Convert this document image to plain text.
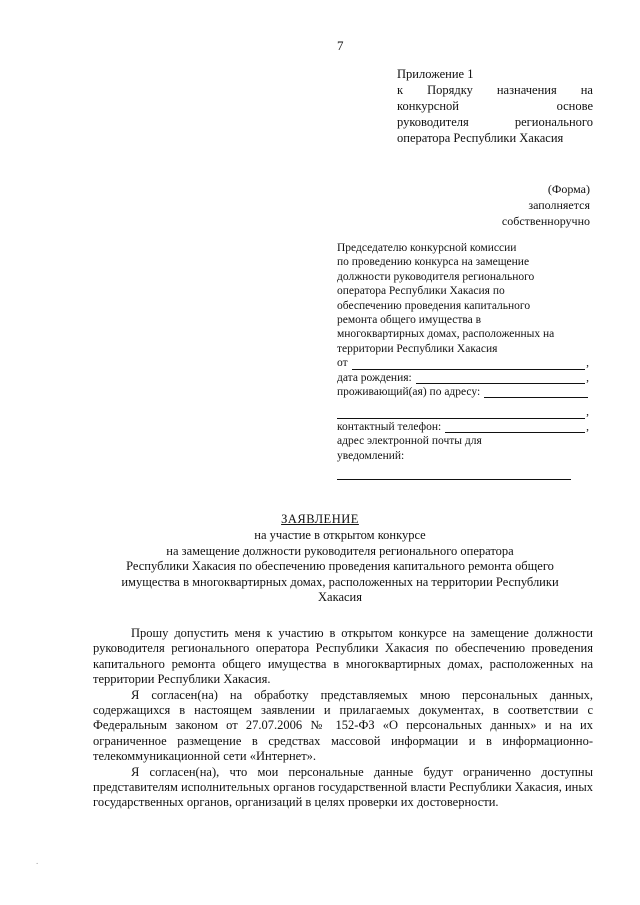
7
Приложение 1
к Порядку назначения на
конкурсной	основе
руководителя	регионального
оператора Республики Хакасия
(Форма)
заполняется
собственноручно
Председателю конкурсной комиссии
по проведению конкурса на замещение
должности руководителя регионального
оператора Республики Хакасия по
обеспечению проведения капитального
ремонта общего имущества в
многоквартирных домах, расположенных на
территории Республики Хакасия
от	,
дата рождения:	,
проживающий(ая) по адресу:
,
контактный телефон:	,
адрес электронной почты для
уведомлений:
ЗАЯВЛЕНИЕ
на участие в открытом конкурсе
на замещение должности руководителя регионального оператора
Республики Хакасия по обеспечению проведения капитального ремонта общего
имущества в многоквартирных домах, расположенных на территории Республики
Хакасия

Прошу допустить меня к участию в открытом конкурсе на замещение должности руководителя регионального оператора Республики Хакасия по обеспечению проведения капитального ремонта общего имущества в многоквартирных домах, расположенных на территории Республики Хакасия.

Я согласен(на) на обработку представляемых мною персональных данных, содержащихся в настоящем заявлении и прилагаемых документах, в соответствии с Федеральным законом от 27.07.2006 № 152-ФЗ «О персональных данных» и на их ограниченное размещение в средствах массовой информации и в информационно-телекоммуникационной сети «Интернет».

Я согласен(на), что мои персональные данные будут ограниченно доступны представителям исполнительных органов государственной власти Республики Хакасия, иных государственных органов, организаций в целях проверки их достоверности.

.
